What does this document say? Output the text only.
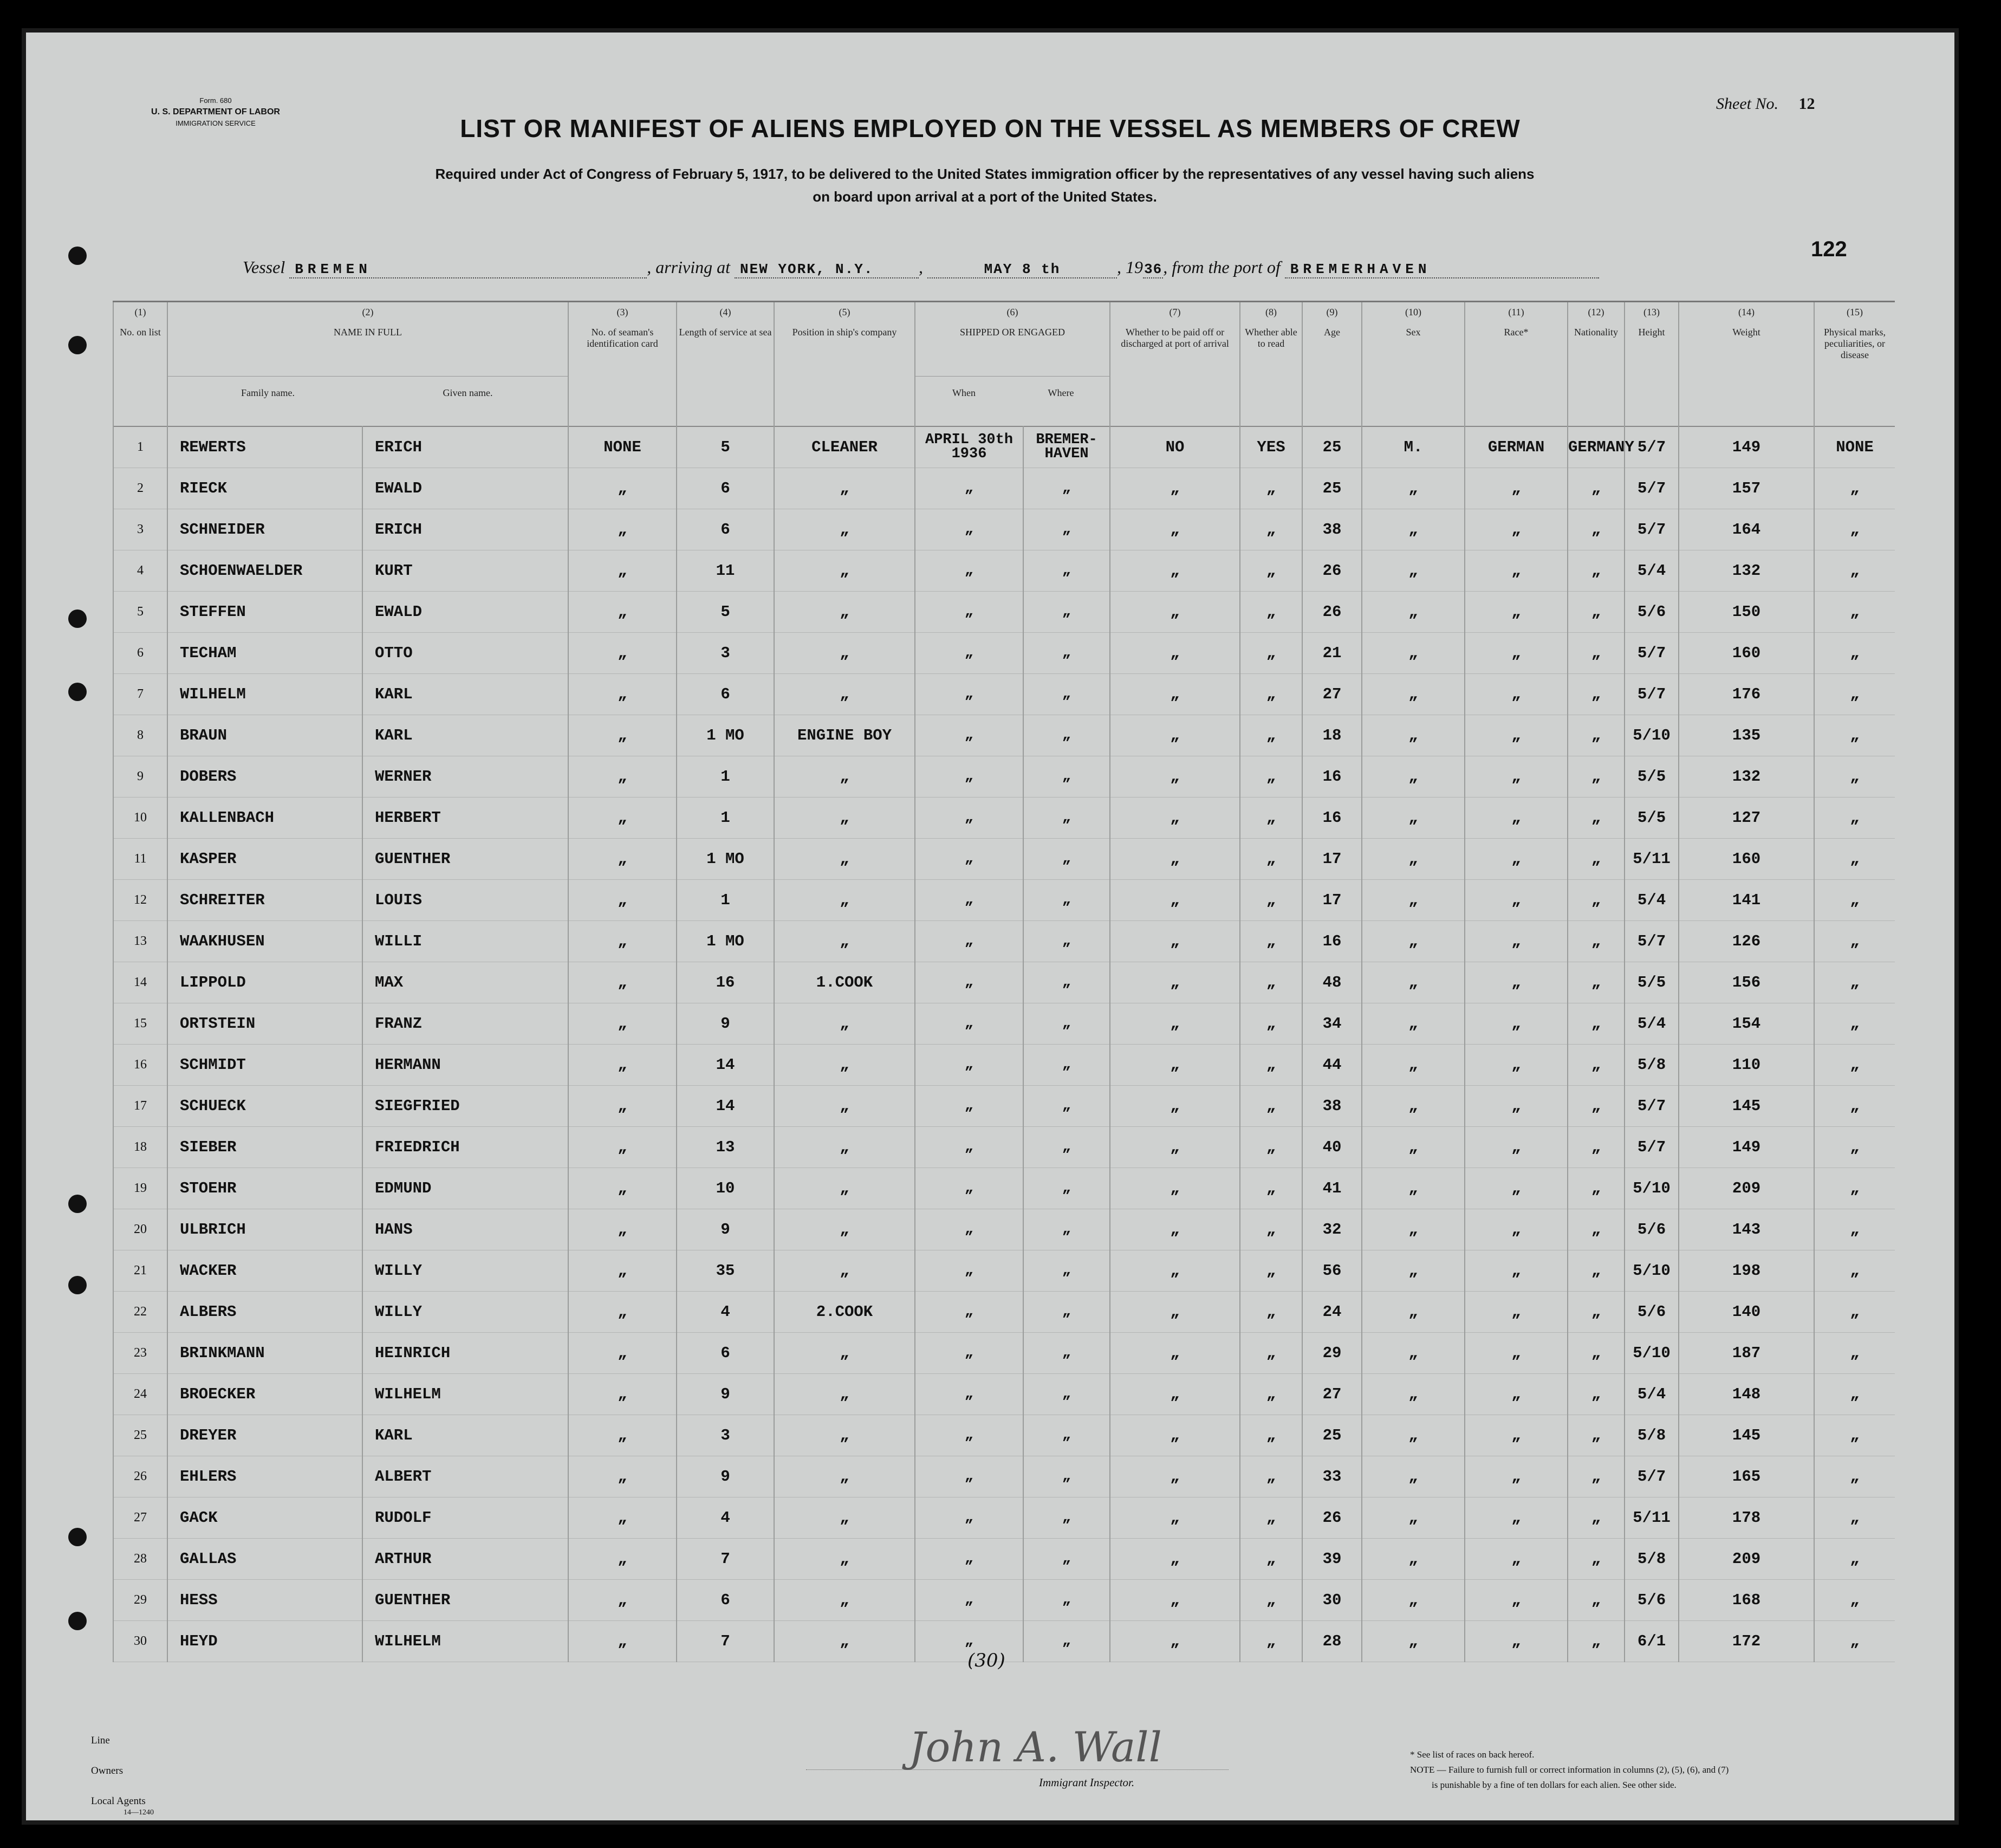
Form. 680
U. S. DEPARTMENT OF LABOR
IMMIGRATION SERVICE
Sheet No. 12
LIST OR MANIFEST OF ALIENS EMPLOYED ON THE VESSEL AS MEMBERS OF CREW
Required under Act of Congress of February 5, 1917, to be delivered to the United States immigration officer by the representatives of any vessel having such aliens
on board upon arrival at a port of the United States.
122
Vessel BREMEN	, arriving at NEW YORK, N.Y.	,	MAY 8 th	, 1936, from the port of BREMERHAVEN
(1)
No. on list	(2)
NAME IN FULL
Family name. Given name.		(3)
No. of seaman's identification card	(4)
Length of service at sea	(5)
Position in ship's company	(6)
SHIPPED OR ENGAGED
When Where		(7)
Whether to be paid off or discharged at port of arrival	(8)
Whether able to read	(9)
Age	(10)
Sex	(11)
Race*	(12)
Nationality	(13)
Height	(14)
Weight	(15)
Physical marks, peculiarities, or disease
1	REWERTS	ERICH	NONE	5	CLEANER	APRIL 30th 1936	BREMER- HAVEN	NO	YES	25	M.	GERMAN	GERMANY	5/7	149	NONE
2	RIECK	EWALD	„	6	„	„	„	„	„	25	„	„	„	5/7	157	„
3	SCHNEIDER	ERICH	„	6	„	„	„	„	„	38	„	„	„	5/7	164	„
4	SCHOENWAELDER	KURT	„	11	„	„	„	„	„	26	„	„	„	5/4	132	„
5	STEFFEN	EWALD	„	5	„	„	„	„	„	26	„	„	„	5/6	150	„
6	TECHAM	OTTO	„	3	„	„	„	„	„	21	„	„	„	5/7	160	„
7	WILHELM	KARL	„	6	„	„	„	„	„	27	„	„	„	5/7	176	„
8	BRAUN	KARL	„	1 MO	ENGINE BOY	„	„	„	„	18	„	„	„	5/10	135	„
9	DOBERS	WERNER	„	1	„	„	„	„	„	16	„	„	„	5/5	132	„
10	KALLENBACH	HERBERT	„	1	„	„	„	„	„	16	„	„	„	5/5	127	„
11	KASPER	GUENTHER	„	1 MO	„	„	„	„	„	17	„	„	„	5/11	160	„
12	SCHREITER	LOUIS	„	1	„	„	„	„	„	17	„	„	„	5/4	141	„
13	WAAKHUSEN	WILLI	„	1 MO	„	„	„	„	„	16	„	„	„	5/7	126	„
14	LIPPOLD	MAX	„	16	1.COOK	„	„	„	„	48	„	„	„	5/5	156	„
15	ORTSTEIN	FRANZ	„	9	„	„	„	„	„	34	„	„	„	5/4	154	„
16	SCHMIDT	HERMANN	„	14	„	„	„	„	„	44	„	„	„	5/8	110	„
17	SCHUECK	SIEGFRIED	„	14	„	„	„	„	„	38	„	„	„	5/7	145	„
18	SIEBER	FRIEDRICH	„	13	„	„	„	„	„	40	„	„	„	5/7	149	„
19	STOEHR	EDMUND	„	10	„	„	„	„	„	41	„	„	„	5/10	209	„
20	ULBRICH	HANS	„	9	„	„	„	„	„	32	„	„	„	5/6	143	„
21	WACKER	WILLY	„	35	„	„	„	„	„	56	„	„	„	5/10	198	„
22	ALBERS	WILLY	„	4	2.COOK	„	„	„	„	24	„	„	„	5/6	140	„
23	BRINKMANN	HEINRICH	„	6	„	„	„	„	„	29	„	„	„	5/10	187	„
24	BROECKER	WILHELM	„	9	„	„	„	„	„	27	„	„	„	5/4	148	„
25	DREYER	KARL	„	3	„	„	„	„	„	25	„	„	„	5/8	145	„
26	EHLERS	ALBERT	„	9	„	„	„	„	„	33	„	„	„	5/7	165	„
27	GACK	RUDOLF	„	4	„	„	„	„	„	26	„	„	„	5/11	178	„
28	GALLAS	ARTHUR	„	7	„	„	„	„	„	39	„	„	„	5/8	209	„
29	HESS	GUENTHER	„	6	„	„	„	„	„	30	„	„	„	5/6	168	„
30	HEYD	WILHELM	„	7	„	„	„	„	„	28	„	„	„	6/1	172	„
(30)
Line
Owners
Local Agents
14—1240
John A. Wall
Immigrant Inspector.
* See list of races on back hereof.
NOTE — Failure to furnish full or correct information in columns (2), (5), (6), and (7)
is punishable by a fine of ten dollars for each alien. See other side.
